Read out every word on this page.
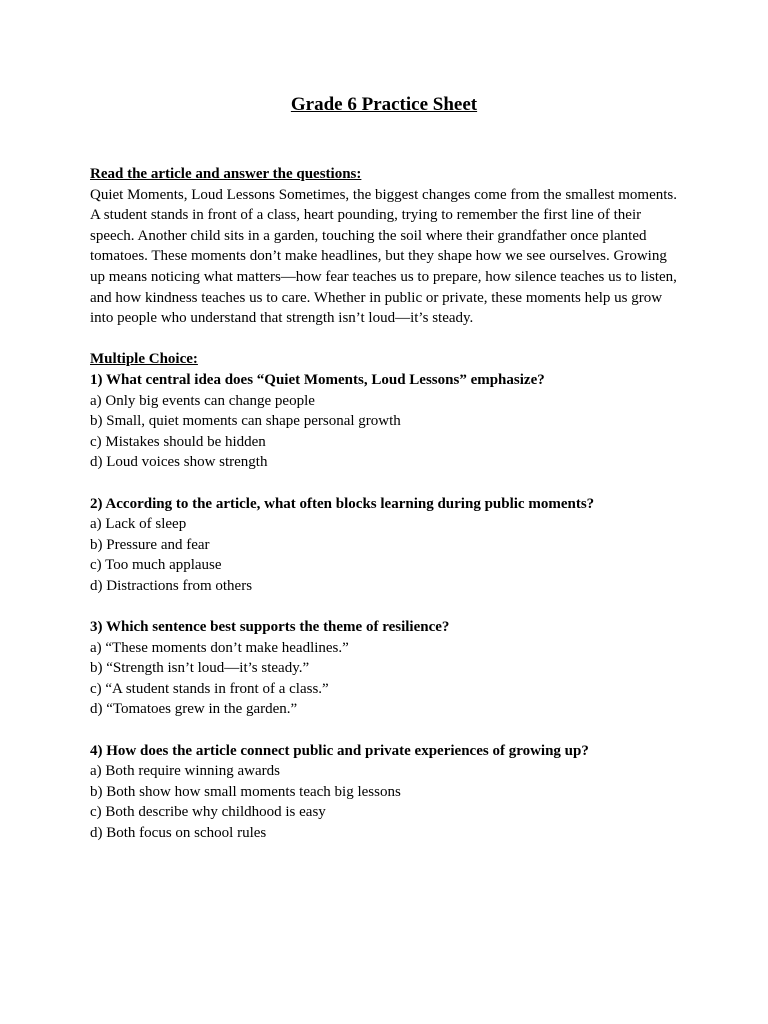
Grade 6 Practice Sheet
Read the article and answer the questions:

Quiet Moments, Loud Lessons Sometimes, the biggest changes come from the smallest moments. A student stands in front of a class, heart pounding, trying to remember the first line of their speech. Another child sits in a garden, touching the soil where their grandfather once planted tomatoes. These moments don’t make headlines, but they shape how we see ourselves. Growing up means noticing what matters—how fear teaches us to prepare, how silence teaches us to listen, and how kindness teaches us to care. Whether in public or private, these moments help us grow into people who understand that strength isn’t loud—it’s steady.

Multiple Choice:
1) What central idea does “Quiet Moments, Loud Lessons” emphasize?
a) Only big events can change people
b) Small, quiet moments can shape personal growth
c) Mistakes should be hidden
d) Loud voices show strength
2) According to the article, what often blocks learning during public moments?
a) Lack of sleep
b) Pressure and fear
c) Too much applause
d) Distractions from others
3) Which sentence best supports the theme of resilience?
a) “These moments don’t make headlines.”
b) “Strength isn’t loud—it’s steady.”
c) “A student stands in front of a class.”
d) “Tomatoes grew in the garden.”
4) How does the article connect public and private experiences of growing up?
a) Both require winning awards
b) Both show how small moments teach big lessons
c) Both describe why childhood is easy
d) Both focus on school rules
